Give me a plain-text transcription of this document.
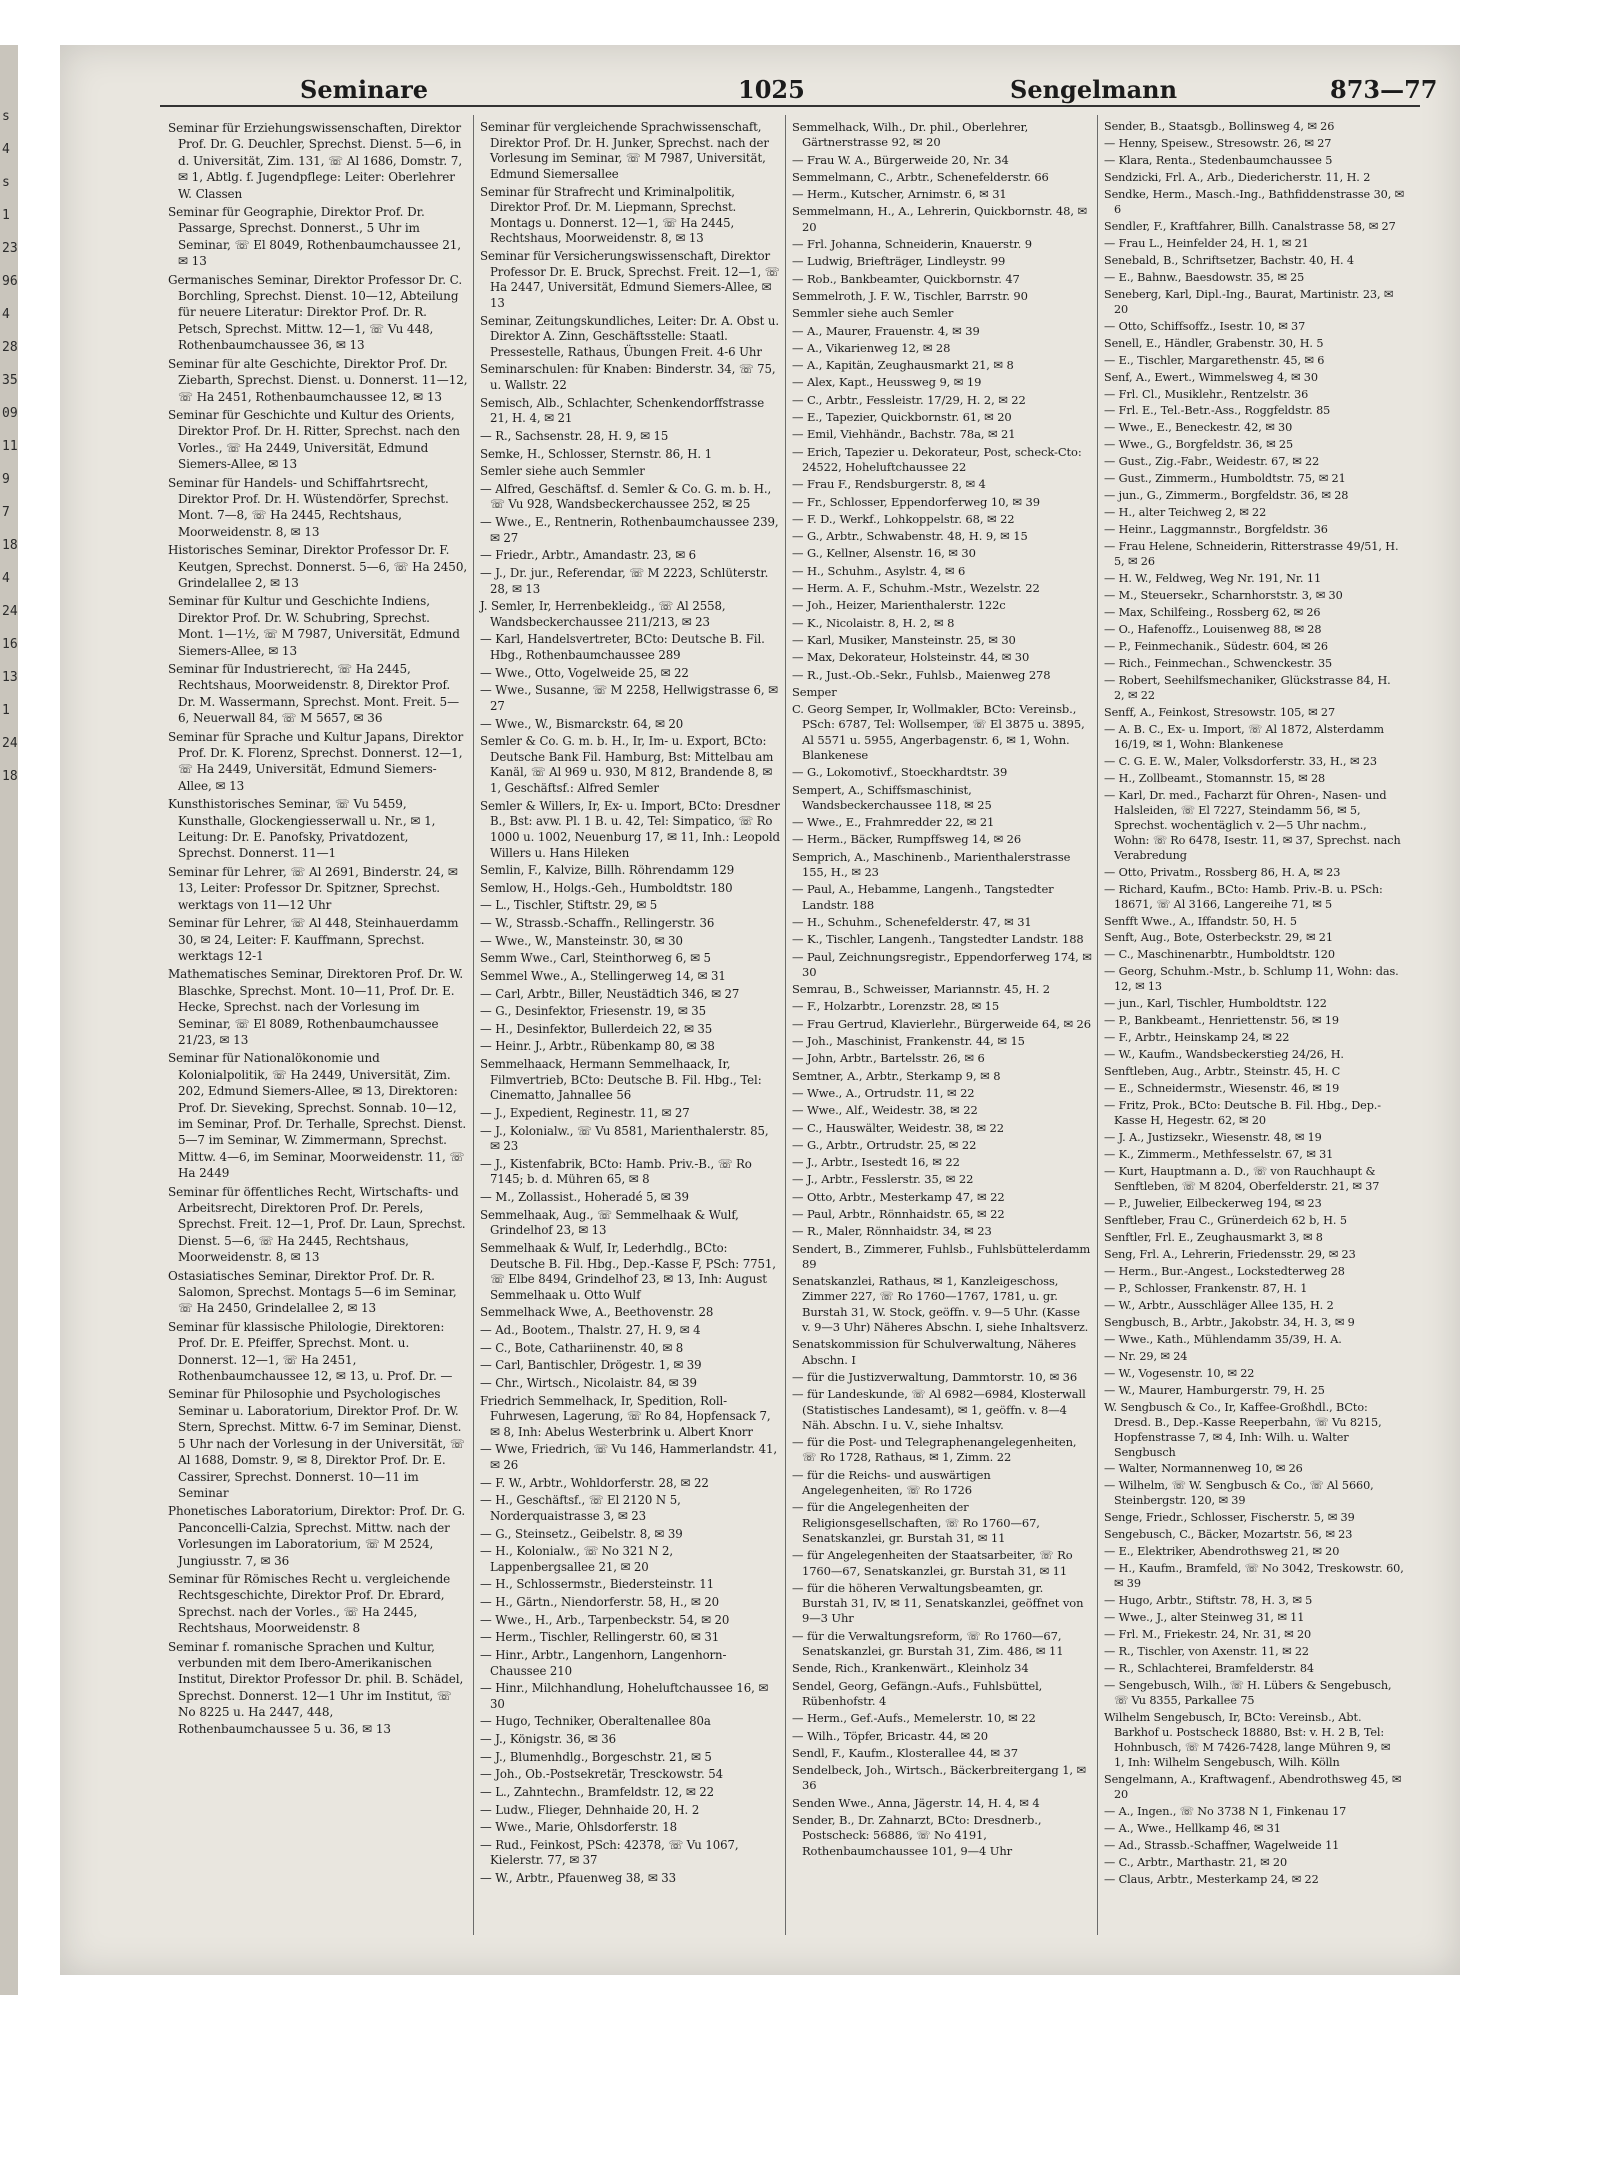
s
4
s
1
23
96
4
28
35
09
11
9
7
18
4
24
16
13
1
24
18
Seminare	1025	Sengelmann	873—77

Seminar für Erziehungswissenschaften, Direktor Prof. Dr. G. Deuchler, Sprechst. Dienst. 5—6, in d. Universität, Zim. 131, ☏ Al 1686, Domstr. 7, ✉ 1, Abtlg. f. Jugendpflege: Leiter: Oberlehrer W. Classen

Seminar für Geographie, Direktor Prof. Dr. Passarge, Sprechst. Donnerst., 5 Uhr im Seminar, ☏ El 8049, Rothenbaumchaussee 21, ✉ 13

Germanisches Seminar, Direktor Professor Dr. C. Borchling, Sprechst. Dienst. 10—12, Abteilung für neuere Literatur: Direktor Prof. Dr. R. Petsch, Sprechst. Mittw. 12—1, ☏ Vu 448, Rothenbaumchaussee 36, ✉ 13

Seminar für alte Geschichte, Direktor Prof. Dr. Ziebarth, Sprechst. Dienst. u. Donnerst. 11—12, ☏ Ha 2451, Rothenbaumchaussee 12, ✉ 13

Seminar für Geschichte und Kultur des Orients, Direktor Prof. Dr. H. Ritter, Sprechst. nach den Vorles., ☏ Ha 2449, Universität, Edmund Siemers-Allee, ✉ 13

Seminar für Handels- und Schiffahrtsrecht, Direktor Prof. Dr. H. Wüstendörfer, Sprechst. Mont. 7—8, ☏ Ha 2445, Rechtshaus, Moorweidenstr. 8, ✉ 13

Historisches Seminar, Direktor Professor Dr. F. Keutgen, Sprechst. Donnerst. 5—6, ☏ Ha 2450, Grindelallee 2, ✉ 13

Seminar für Kultur und Geschichte Indiens, Direktor Prof. Dr. W. Schubring, Sprechst. Mont. 1—1½, ☏ M 7987, Universität, Edmund Siemers-Allee, ✉ 13

Seminar für Industrierecht, ☏ Ha 2445, Rechtshaus, Moorweidenstr. 8, Direktor Prof. Dr. M. Wassermann, Sprechst. Mont. Freit. 5—6, Neuerwall 84, ☏ M 5657, ✉ 36

Seminar für Sprache und Kultur Japans, Direktor Prof. Dr. K. Florenz, Sprechst. Donnerst. 12—1, ☏ Ha 2449, Universität, Edmund Siemers-Allee, ✉ 13

Kunsthistorisches Seminar, ☏ Vu 5459, Kunsthalle, Glockengiesserwall u. Nr., ✉ 1, Leitung: Dr. E. Panofsky, Privatdozent, Sprechst. Donnerst. 11—1

Seminar für Lehrer, ☏ Al 2691, Binderstr. 24, ✉ 13, Leiter: Professor Dr. Spitzner, Sprechst. werktags von 11—12 Uhr

Seminar für Lehrer, ☏ Al 448, Steinhauerdamm 30, ✉ 24, Leiter: F. Kauffmann, Sprechst. werktags 12-1

Mathematisches Seminar, Direktoren Prof. Dr. W. Blaschke, Sprechst. Mont. 10—11, Prof. Dr. E. Hecke, Sprechst. nach der Vorlesung im Seminar, ☏ El 8089, Rothenbaumchaussee 21/23, ✉ 13

Seminar für Nationalökonomie und Kolonialpolitik, ☏ Ha 2449, Universität, Zim. 202, Edmund Siemers-Allee, ✉ 13, Direktoren: Prof. Dr. Sieveking, Sprechst. Sonnab. 10—12, im Seminar, Prof. Dr. Terhalle, Sprechst. Dienst. 5—7 im Seminar, W. Zimmermann, Sprechst. Mittw. 4—6, im Seminar, Moorweidenstr. 11, ☏ Ha 2449

Seminar für öffentliches Recht, Wirtschafts- und Arbeitsrecht, Direktoren Prof. Dr. Perels, Sprechst. Freit. 12—1, Prof. Dr. Laun, Sprechst. Dienst. 5—6, ☏ Ha 2445, Rechtshaus, Moorweidenstr. 8, ✉ 13

Ostasiatisches Seminar, Direktor Prof. Dr. R. Salomon, Sprechst. Montags 5—6 im Seminar, ☏ Ha 2450, Grindelallee 2, ✉ 13

Seminar für klassische Philologie, Direktoren: Prof. Dr. E. Pfeiffer, Sprechst. Mont. u. Donnerst. 12—1, ☏ Ha 2451, Rothenbaumchaussee 12, ✉ 13, u. Prof. Dr. —

Seminar für Philosophie und Psychologisches Seminar u. Laboratorium, Direktor Prof. Dr. W. Stern, Sprechst. Mittw. 6-7 im Seminar, Dienst. 5 Uhr nach der Vorlesung in der Universität, ☏ Al 1688, Domstr. 9, ✉ 8, Direktor Prof. Dr. E. Cassirer, Sprechst. Donnerst. 10—11 im Seminar

Phonetisches Laboratorium, Direktor: Prof. Dr. G. Panconcelli-Calzia, Sprechst. Mittw. nach der Vorlesungen im Laboratorium, ☏ M 2524, Jungiusstr. 7, ✉ 36

Seminar für Römisches Recht u. vergleichende Rechtsgeschichte, Direktor Prof. Dr. Ebrard, Sprechst. nach der Vorles., ☏ Ha 2445, Rechtshaus, Moorweidenstr. 8

Seminar f. romanische Sprachen und Kultur, verbunden mit dem Ibero-Amerikanischen Institut, Direktor Professor Dr. phil. B. Schädel, Sprechst. Donnerst. 12—1 Uhr im Institut, ☏ No 8225 u. Ha 2447, 448, Rothenbaumchaussee 5 u. 36, ✉ 13

Seminar für vergleichende Sprachwissenschaft, Direktor Prof. Dr. H. Junker, Sprechst. nach der Vorlesung im Seminar, ☏ M 7987, Universität, Edmund Siemersallee

Seminar für Strafrecht und Kriminalpolitik, Direktor Prof. Dr. M. Liepmann, Sprechst. Montags u. Donnerst. 12—1, ☏ Ha 2445, Rechtshaus, Moorweidenstr. 8, ✉ 13

Seminar für Versicherungswissenschaft, Direktor Professor Dr. E. Bruck, Sprechst. Freit. 12—1, ☏ Ha 2447, Universität, Edmund Siemers-Allee, ✉ 13

Seminar, Zeitungskundliches, Leiter: Dr. A. Obst u. Direktor A. Zinn, Geschäftsstelle: Staatl. Pressestelle, Rathaus, Übungen Freit. 4-6 Uhr

Seminarschulen: für Knaben: Binderstr. 34, ☏ 75, u. Wallstr. 22

Semisch, Alb., Schlachter, Schenkendorffstrasse 21, H. 4, ✉ 21

— R., Sachsenstr. 28, H. 9, ✉ 15

Semke, H., Schlosser, Sternstr. 86, H. 1

Semler siehe auch Semmler

— Alfred, Geschäftsf. d. Semler & Co. G. m. b. H., ☏ Vu 928, Wandsbeckerchaussee 252, ✉ 25

— Wwe., E., Rentnerin, Rothenbaumchaussee 239, ✉ 27

— Friedr., Arbtr., Amandastr. 23, ✉ 6

— J., Dr. jur., Referendar, ☏ M 2223, Schlüterstr. 28, ✉ 13

J. Semler, Ir, Herrenbekleidg., ☏ Al 2558, Wandsbeckerchaussee 211/213, ✉ 23

— Karl, Handelsvertreter, BCto: Deutsche B. Fil. Hbg., Rothenbaumchaussee 289

— Wwe., Otto, Vogelweide 25, ✉ 22

— Wwe., Susanne, ☏ M 2258, Hellwigstrasse 6, ✉ 27

— Wwe., W., Bismarckstr. 64, ✉ 20

Semler & Co. G. m. b. H., Ir, Im- u. Export, BCto: Deutsche Bank Fil. Hamburg, Bst: Mittelbau am Kanäl, ☏ Al 969 u. 930, M 812, Brandende 8, ✉ 1, Geschäftsf.: Alfred Semler

Semler & Willers, Ir, Ex- u. Import, BCto: Dresdner B., Bst: avw. Pl. 1 B. u. 42, Tel: Simpatico, ☏ Ro 1000 u. 1002, Neuenburg 17, ✉ 11, Inh.: Leopold Willers u. Hans Hileken

Semlin, F., Kalvize, Billh. Röhrendamm 129

Semlow, H., Holgs.-Geh., Humboldtstr. 180

— L., Tischler, Stiftstr. 29, ✉ 5

— W., Strassb.-Schaffn., Rellingerstr. 36

— Wwe., W., Mansteinstr. 30, ✉ 30

Semm Wwe., Carl, Steinthorweg 6, ✉ 5

Semmel Wwe., A., Stellingerweg 14, ✉ 31

— Carl, Arbtr., Biller, Neustädtich 346, ✉ 27

— G., Desinfektor, Friesenstr. 19, ✉ 35

— H., Desinfektor, Bullerdeich 22, ✉ 35

— Heinr. J., Arbtr., Rübenkamp 80, ✉ 38

Semmelhaack, Hermann Semmelhaack, Ir, Filmvertrieb, BCto: Deutsche B. Fil. Hbg., Tel: Cinematto, Jahnallee 56

— J., Expedient, Reginestr. 11, ✉ 27

— J., Kolonialw., ☏ Vu 8581, Marienthalerstr. 85, ✉ 23

— J., Kistenfabrik, BCto: Hamb. Priv.-B., ☏ Ro 7145; b. d. Mühren 65, ✉ 8

— M., Zollassist., Hoheradé 5, ✉ 39

Semmelhaak, Aug., ☏ Semmelhaak & Wulf, Grindelhof 23, ✉ 13

Semmelhaak & Wulf, Ir, Lederhdlg., BCto: Deutsche B. Fil. Hbg., Dep.-Kasse F, PSch: 7751, ☏ Elbe 8494, Grindelhof 23, ✉ 13, Inh: August Semmelhaak u. Otto Wulf

Semmelhack Wwe, A., Beethovenstr. 28

— Ad., Bootem., Thalstr. 27, H. 9, ✉ 4

— C., Bote, Cathariinenstr. 40, ✉ 8

— Carl, Bantischler, Drögestr. 1, ✉ 39

— Chr., Wirtsch., Nicolaistr. 84, ✉ 39

Friedrich Semmelhack, Ir, Spedition, Roll-Fuhrwesen, Lagerung, ☏ Ro 84, Hopfensack 7, ✉ 8, Inh: Abelus Westerbrink u. Albert Knorr

— Wwe, Friedrich, ☏ Vu 146, Hammerlandstr. 41, ✉ 26

— F. W., Arbtr., Wohldorferstr. 28, ✉ 22

— H., Geschäftsf., ☏ El 2120 N 5, Norderquaistrasse 3, ✉ 23

— G., Steinsetz., Geibelstr. 8, ✉ 39

— H., Kolonialw., ☏ No 321 N 2, Lappenbergsallee 21, ✉ 20

— H., Schlossermstr., Biedersteinstr. 11

— H., Gärtn., Niendorferstr. 58, H., ✉ 20

— Wwe., H., Arb., Tarpenbeckstr. 54, ✉ 20

— Herm., Tischler, Rellingerstr. 60, ✉ 31

— Hinr., Arbtr., Langenhorn, Langenhorn-Chaussee 210

— Hinr., Milchhandlung, Hoheluftchaussee 16, ✉ 30

— Hugo, Techniker, Oberaltenallee 80a

— J., Königstr. 36, ✉ 36

— J., Blumenhdlg., Borgeschstr. 21, ✉ 5

— Joh., Ob.-Postsekretär, Tresckowstr. 54

— L., Zahntechn., Bramfeldstr. 12, ✉ 22

— Ludw., Flieger, Dehnhaide 20, H. 2

— Wwe., Marie, Ohlsdorferstr. 18

— Rud., Feinkost, PSch: 42378, ☏ Vu 1067, Kielerstr. 77, ✉ 37

— W., Arbtr., Pfauenweg 38, ✉ 33

Semmelhack, Wilh., Dr. phil., Oberlehrer, Gärtnerstrasse 92, ✉ 20

— Frau W. A., Bürgerweide 20, Nr. 34

Semmelmann, C., Arbtr., Schenefelderstr. 66

— Herm., Kutscher, Arnimstr. 6, ✉ 31

Semmelmann, H., A., Lehrerin, Quickbornstr. 48, ✉ 20

— Frl. Johanna, Schneiderin, Knauerstr. 9

— Ludwig, Briefträger, Lindleystr. 99

— Rob., Bankbeamter, Quickbornstr. 47

Semmelroth, J. F. W., Tischler, Barrstr. 90

Semmler siehe auch Semler

— A., Maurer, Frauenstr. 4, ✉ 39

— A., Vikarienweg 12, ✉ 28

— A., Kapitän, Zeughausmarkt 21, ✉ 8

— Alex, Kapt., Heussweg 9, ✉ 19

— C., Arbtr., Fessleistr. 17/29, H. 2, ✉ 22

— E., Tapezier, Quickbornstr. 61, ✉ 20

— Emil, Viehhändr., Bachstr. 78a, ✉ 21

— Erich, Tapezier u. Dekorateur, Post, scheck-Cto: 24522, Hoheluftchaussee 22

— Frau F., Rendsburgerstr. 8, ✉ 4

— Fr., Schlosser, Eppendorferweg 10, ✉ 39

— F. D., Werkf., Lohkoppelstr. 68, ✉ 22

— G., Arbtr., Schwabenstr. 48, H. 9, ✉ 15

— G., Kellner, Alsenstr. 16, ✉ 30

— H., Schuhm., Asylstr. 4, ✉ 6

— Herm. A. F., Schuhm.-Mstr., Wezelstr. 22

— Joh., Heizer, Marienthalerstr. 122c

— K., Nicolaistr. 8, H. 2, ✉ 8

— Karl, Musiker, Mansteinstr. 25, ✉ 30

— Max, Dekorateur, Holsteinstr. 44, ✉ 30

— R., Just.-Ob.-Sekr., Fuhlsb., Maienweg 278

Semper

C. Georg Semper, Ir, Wollmakler, BCto: Vereinsb., PSch: 6787, Tel: Wollsemper, ☏ El 3875 u. 3895, Al 5571 u. 5955, Angerbagenstr. 6, ✉ 1, Wohn. Blankenese

— G., Lokomotivf., Stoeckhardtstr. 39

Sempert, A., Schiffsmaschinist, Wandsbeckerchaussee 118, ✉ 25

— Wwe., E., Frahmredder 22, ✉ 21

— Herm., Bäcker, Rumpffsweg 14, ✉ 26

Semprich, A., Maschinenb., Marienthalerstrasse 155, H., ✉ 23

— Paul, A., Hebamme, Langenh., Tangstedter Landstr. 188

— H., Schuhm., Schenefelderstr. 47, ✉ 31

— K., Tischler, Langenh., Tangstedter Landstr. 188

— Paul, Zeichnungsregistr., Eppendorferweg 174, ✉ 30

Semrau, B., Schweisser, Mariannstr. 45, H. 2

— F., Holzarbtr., Lorenzstr. 28, ✉ 15

— Frau Gertrud, Klavierlehr., Bürgerweide 64, ✉ 26

— Joh., Maschinist, Frankenstr. 44, ✉ 15

— John, Arbtr., Bartelsstr. 26, ✉ 6

Semtner, A., Arbtr., Sterkamp 9, ✉ 8

— Wwe., A., Ortrudstr. 11, ✉ 22

— Wwe., Alf., Weidestr. 38, ✉ 22

— C., Hauswälter, Weidestr. 38, ✉ 22

— G., Arbtr., Ortrudstr. 25, ✉ 22

— J., Arbtr., Isestedt 16, ✉ 22

— J., Arbtr., Fesslerstr. 35, ✉ 22

— Otto, Arbtr., Mesterkamp 47, ✉ 22

— Paul, Arbtr., Rönnhaidstr. 65, ✉ 22

— R., Maler, Rönnhaidstr. 34, ✉ 23

Sendert, B., Zimmerer, Fuhlsb., Fuhlsbüttelerdamm 89

Senatskanzlei, Rathaus, ✉ 1, Kanzleigeschoss, Zimmer 227, ☏ Ro 1760—1767, 1781, u. gr. Burstah 31, W. Stock, geöffn. v. 9—5 Uhr. (Kasse v. 9—3 Uhr) Näheres Abschn. I, siehe Inhaltsverz.

Senatskommission für Schulverwaltung, Näheres Abschn. I

— für die Justizverwaltung, Dammtorstr. 10, ✉ 36

— für Landeskunde, ☏ Al 6982—6984, Klosterwall (Statistisches Landesamt), ✉ 1, geöffn. v. 8—4 Näh. Abschn. I u. V., siehe Inhaltsv.

— für die Post- und Telegraphenangelegenheiten, ☏ Ro 1728, Rathaus, ✉ 1, Zimm. 22

— für die Reichs- und auswärtigen Angelegenheiten, ☏ Ro 1726

— für die Angelegenheiten der Religionsgesellschaften, ☏ Ro 1760—67, Senatskanzlei, gr. Burstah 31, ✉ 11

— für Angelegenheiten der Staatsarbeiter, ☏ Ro 1760—67, Senatskanzlei, gr. Burstah 31, ✉ 11

— für die höheren Verwaltungsbeamten, gr. Burstah 31, IV, ✉ 11, Senatskanzlei, geöffnet von 9—3 Uhr

— für die Verwaltungsreform, ☏ Ro 1760—67, Senatskanzlei, gr. Burstah 31, Zim. 486, ✉ 11

Sende, Rich., Krankenwärt., Kleinholz 34

Sendel, Georg, Gefängn.-Aufs., Fuhlsbüttel, Rübenhofstr. 4

— Herm., Gef.-Aufs., Memelerstr. 10, ✉ 22

— Wilh., Töpfer, Bricastr. 44, ✉ 20

Sendl, F., Kaufm., Klosterallee 44, ✉ 37

Sendelbeck, Joh., Wirtsch., Bäckerbreitergang 1, ✉ 36

Senden Wwe., Anna, Jägerstr. 14, H. 4, ✉ 4

Sender, B., Dr. Zahnarzt, BCto: Dresdnerb., Postscheck: 56886, ☏ No 4191, Rothenbaumchaussee 101, 9—4 Uhr

Sender, B., Staatsgb., Bollinsweg 4, ✉ 26

— Henny, Speisew., Stresowstr. 26, ✉ 27

— Klara, Renta., Stedenbaumchaussee 5

Sendzicki, Frl. A., Arb., Diedericherstr. 11, H. 2

Sendke, Herm., Masch.-Ing., Bathfiddenstrasse 30, ✉ 6

Sendler, F., Kraftfahrer, Billh. Canalstrasse 58, ✉ 27

— Frau L., Heinfelder 24, H. 1, ✉ 21

Senebald, B., Schriftsetzer, Bachstr. 40, H. 4

— E., Bahnw., Baesdowstr. 35, ✉ 25

Seneberg, Karl, Dipl.-Ing., Baurat, Martinistr. 23, ✉ 20

— Otto, Schiffsoffz., Isestr. 10, ✉ 37

Senell, E., Händler, Grabenstr. 30, H. 5

— E., Tischler, Margarethenstr. 45, ✉ 6

Senf, A., Ewert., Wimmelsweg 4, ✉ 30

— Frl. Cl., Musiklehr., Rentzelstr. 36

— Frl. E., Tel.-Betr.-Ass., Roggfeldstr. 85

— Wwe., E., Beneckestr. 42, ✉ 30

— Wwe., G., Borgfeldstr. 36, ✉ 25

— Gust., Zig.-Fabr., Weidestr. 67, ✉ 22

— Gust., Zimmerm., Humboldtstr. 75, ✉ 21

— jun., G., Zimmerm., Borgfeldstr. 36, ✉ 28

— H., alter Teichweg 2, ✉ 22

— Heinr., Laggmannstr., Borgfeldstr. 36

— Frau Helene, Schneiderin, Ritterstrasse 49/51, H. 5, ✉ 26

— H. W., Feldweg, Weg Nr. 191, Nr. 11

— M., Steuersekr., Scharnhorststr. 3, ✉ 30

— Max, Schilfeing., Rossberg 62, ✉ 26

— O., Hafenoffz., Louisenweg 88, ✉ 28

— P., Feinmechanik., Südestr. 604, ✉ 26

— Rich., Feinmechan., Schwenckestr. 35

— Robert, Seehilfsmechaniker, Glückstrasse 84, H. 2, ✉ 22

Senff, A., Feinkost, Stresowstr. 105, ✉ 27

— A. B. C., Ex- u. Import, ☏ Al 1872, Alsterdamm 16/19, ✉ 1, Wohn: Blankenese

— C. G. E. W., Maler, Volksdorferstr. 33, H., ✉ 23

— H., Zollbeamt., Stomannstr. 15, ✉ 28

— Karl, Dr. med., Facharzt für Ohren-, Nasen- und Halsleiden, ☏ El 7227, Steindamm 56, ✉ 5, Sprechst. wochentäglich v. 2—5 Uhr nachm., Wohn: ☏ Ro 6478, Isestr. 11, ✉ 37, Sprechst. nach Verabredung

— Otto, Privatm., Rossberg 86, H. A, ✉ 23

— Richard, Kaufm., BCto: Hamb. Priv.-B. u. PSch: 18671, ☏ Al 3166, Langereihe 71, ✉ 5

Senfft Wwe., A., Iffandstr. 50, H. 5

Senft, Aug., Bote, Osterbeckstr. 29, ✉ 21

— C., Maschinenarbtr., Humboldtstr. 120

— Georg, Schuhm.-Mstr., b. Schlump 11, Wohn: das. 12, ✉ 13

— jun., Karl, Tischler, Humboldtstr. 122

— P., Bankbeamt., Henriettenstr. 56, ✉ 19

— F., Arbtr., Heinskamp 24, ✉ 22

— W., Kaufm., Wandsbeckerstieg 24/26, H.

Senftleben, Aug., Arbtr., Steinstr. 45, H. C

— E., Schneidermstr., Wiesenstr. 46, ✉ 19

— Fritz, Prok., BCto: Deutsche B. Fil. Hbg., Dep.-Kasse H, Hegestr. 62, ✉ 20

— J. A., Justizsekr., Wiesenstr. 48, ✉ 19

— K., Zimmerm., Methfesselstr. 67, ✉ 31

— Kurt, Hauptmann a. D., ☏ von Rauchhaupt & Senftleben, ☏ M 8204, Oberfelderstr. 21, ✉ 37

— P., Juwelier, Eilbeckerweg 194, ✉ 23

Senftleber, Frau C., Grünerdeich 62 b, H. 5

Senftler, Frl. E., Zeughausmarkt 3, ✉ 8

Seng, Frl. A., Lehrerin, Friedensstr. 29, ✉ 23

— Herm., Bur.-Angest., Lockstedterweg 28

— P., Schlosser, Frankenstr. 87, H. 1

— W., Arbtr., Ausschläger Allee 135, H. 2

Sengbusch, B., Arbtr., Jakobstr. 34, H. 3, ✉ 9

— Wwe., Kath., Mühlendamm 35/39, H. A.

— Nr. 29, ✉ 24

— W., Vogesenstr. 10, ✉ 22

— W., Maurer, Hamburgerstr. 79, H. 25

W. Sengbusch & Co., Ir, Kaffee-Großhdl., BCto: Dresd. B., Dep.-Kasse Reeperbahn, ☏ Vu 8215, Hopfenstrasse 7, ✉ 4, Inh: Wilh. u. Walter Sengbusch

— Walter, Normannenweg 10, ✉ 26

— Wilhelm, ☏ W. Sengbusch & Co., ☏ Al 5660, Steinbergstr. 120, ✉ 39

Senge, Friedr., Schlosser, Fischerstr. 5, ✉ 39

Sengebusch, C., Bäcker, Mozartstr. 56, ✉ 23

— E., Elektriker, Abendrothsweg 21, ✉ 20

— H., Kaufm., Bramfeld, ☏ No 3042, Treskowstr. 60, ✉ 39

— Hugo, Arbtr., Stiftstr. 78, H. 3, ✉ 5

— Wwe., J., alter Steinweg 31, ✉ 11

— Frl. M., Friekestr. 24, Nr. 31, ✉ 20

— R., Tischler, von Axenstr. 11, ✉ 22

— R., Schlachterei, Bramfelderstr. 84

— Sengebusch, Wilh., ☏ H. Lübers & Sengebusch, ☏ Vu 8355, Parkallee 75

Wilhelm Sengebusch, Ir, BCto: Vereinsb., Abt. Barkhof u. Postscheck 18880, Bst: v. H. 2 B, Tel: Hohnbusch, ☏ M 7426-7428, lange Mühren 9, ✉ 1, Inh: Wilhelm Sengebusch, Wilh. Kölln

Sengelmann, A., Kraftwagenf., Abendrothsweg 45, ✉ 20

— A., Ingen., ☏ No 3738 N 1, Finkenau 17

— A., Wwe., Hellkamp 46, ✉ 31

— Ad., Strassb.-Schaffner, Wagelweide 11

— C., Arbtr., Marthastr. 21, ✉ 20

— Claus, Arbtr., Mesterkamp 24, ✉ 22
